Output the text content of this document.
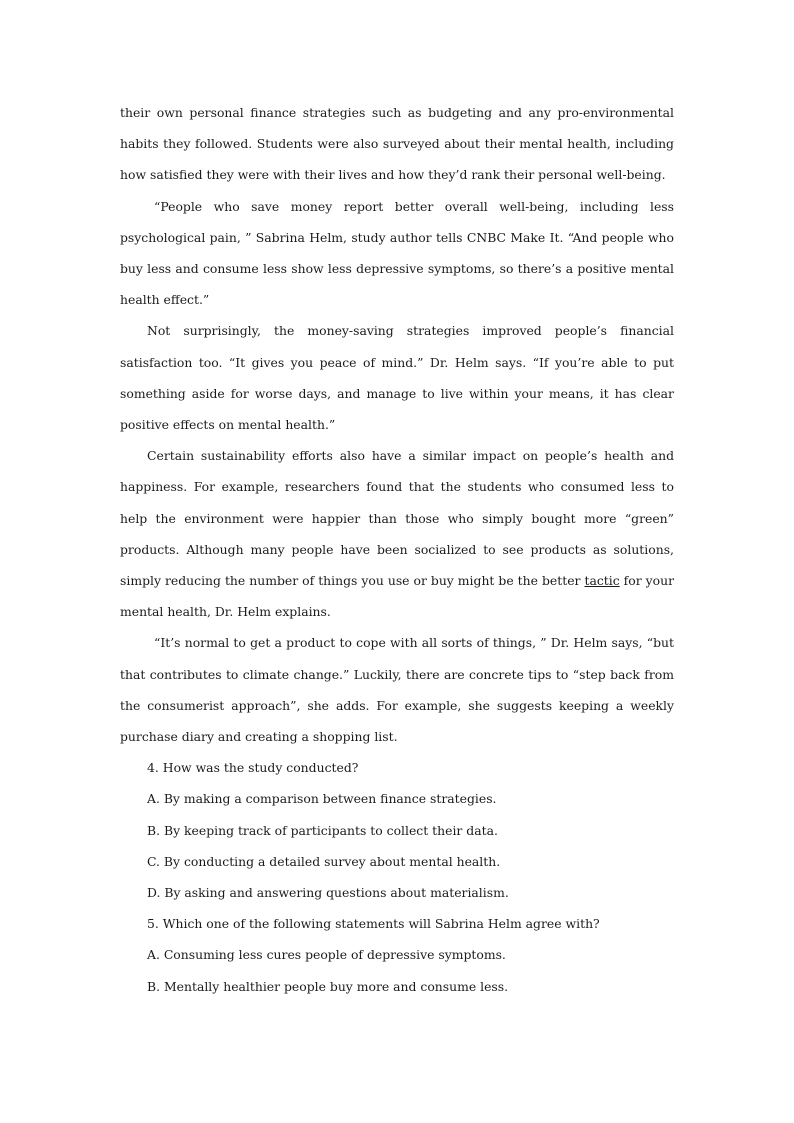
their own personal finance strategies such as budgeting and any pro-environmental habits they followed. Students were also surveyed about their mental health, including how satisfied they were with their lives and how they’d rank their personal well-being.

“People who save money report better overall well-being, including less psychological pain, ” Sabrina Helm, study author tells CNBC Make It. “And people who buy less and consume less show less depressive symptoms, so there’s a positive mental health effect.”

Not surprisingly, the money-saving strategies improved people’s financial satisfaction too. “It gives you peace of mind.” Dr. Helm says. “If you’re able to put something aside for worse days, and manage to live within your means, it has clear positive effects on mental health.”

Certain sustainability efforts also have a similar impact on people’s health and happiness. For example, researchers found that the students who consumed less to help the environment were happier than those who simply bought more “green” products. Although many people have been socialized to see products as solutions, simply reducing the number of things you use or buy might be the better tactic for your mental health, Dr. Helm explains.

“It’s normal to get a product to cope with all sorts of things, ” Dr. Helm says, “but that contributes to climate change.” Luckily, there are concrete tips to “step back from the consumerist approach”, she adds. For example, she suggests keeping a weekly purchase diary and creating a shopping list.

4. How was the study conducted?

A. By making a comparison between finance strategies.

B. By keeping track of participants to collect their data.

C. By conducting a detailed survey about mental health.

D. By asking and answering questions about materialism.

5. Which one of the following statements will Sabrina Helm agree with?

A. Consuming less cures people of depressive symptoms.

B. Mentally healthier people buy more and consume less.
